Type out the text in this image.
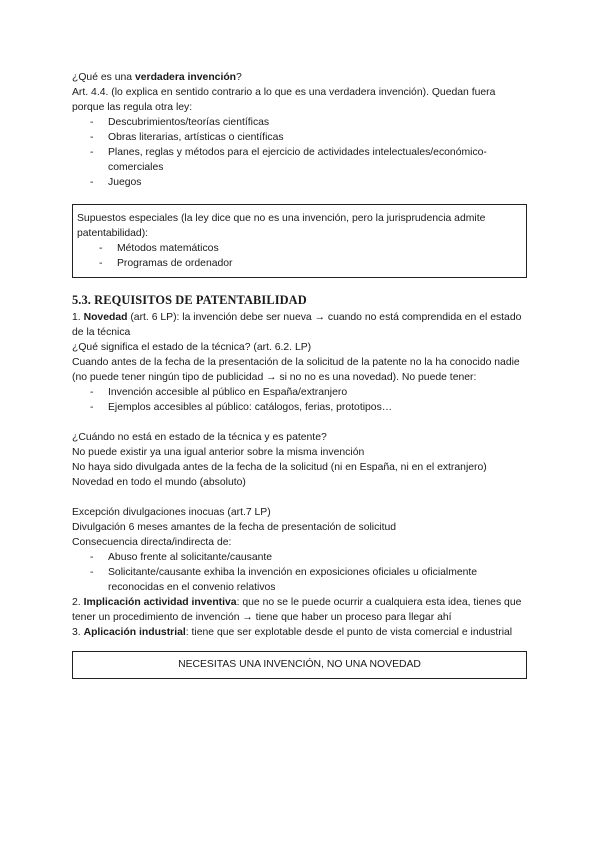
¿Qué es una verdadera invención?

Art. 4.4. (lo explica en sentido contrario a lo que es una verdadera invención). Quedan fuera porque las regula otra ley:

- Descubrimientos/teorías científicas
- Obras literarias, artísticas o científicas
- Planes, reglas y métodos para el ejercicio de actividades intelectuales/económico-comerciales
- Juegos

Supuestos especiales (la ley dice que no es una invención, pero la jurisprudencia admite patentabilidad):

- Métodos matemáticos
- Programas de ordenador
5.3. REQUISITOS DE PATENTABILIDAD

1. Novedad (art. 6 LP): la invención debe ser nueva → cuando no está comprendida en el estado de la técnica

¿Qué significa el estado de la técnica? (art. 6.2. LP)

Cuando antes de la fecha de la presentación de la solicitud de la patente no la ha conocido nadie (no puede tener ningún tipo de publicidad → si no no es una novedad). No puede tener:

- Invención accesible al público en España/extranjero
- Ejemplos accesibles al público: catálogos, ferias, prototipos…

¿Cuándo no está en estado de la técnica y es patente?

No puede existir ya una igual anterior sobre la misma invención

No haya sido divulgada antes de la fecha de la solicitud (ni en España, ni en el extranjero)

Novedad en todo el mundo (absoluto)

Excepción divulgaciones inocuas (art.7 LP)

Divulgación 6 meses amantes de la fecha de presentación de solicitud

Consecuencia directa/indirecta de:

- Abuso frente al solicitante/causante
- Solicitante/causante exhiba la invención en exposiciones oficiales u oficialmente reconocidas en el convenio relativos

2. Implicación actividad inventiva: que no se le puede ocurrir a cualquiera esta idea, tienes que tener un procedimiento de invención → tiene que haber un proceso para llegar ahí

3. Aplicación industrial: tiene que ser explotable desde el punto de vista comercial e industrial

NECESITAS UNA INVENCIÓN, NO UNA NOVEDAD
